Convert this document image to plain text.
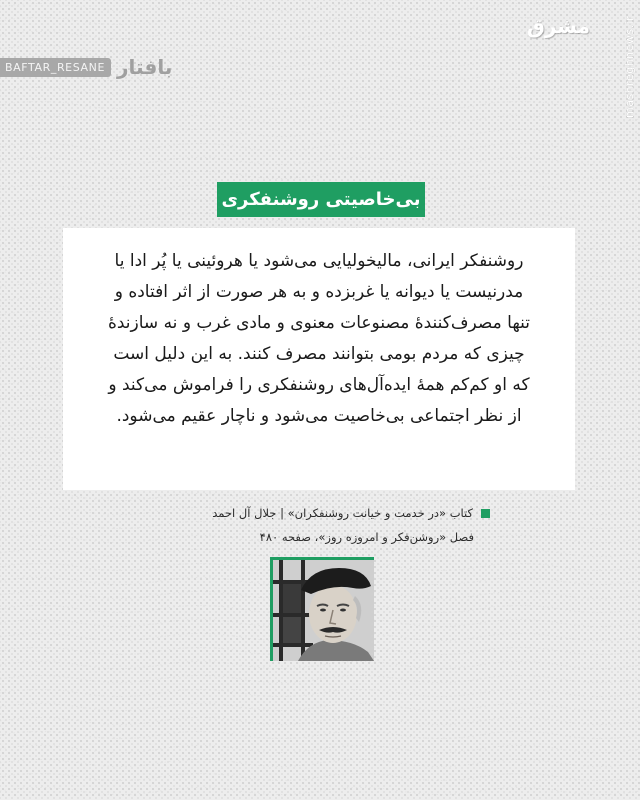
مشرق	mashreghnews.ir
BAFTAR_RESANE بافتار
بی‌خاصیتی روشنفکری

روشنفکر ایرانی، مالیخولیایی می‌شود یا هروئینی یا پُر ادا یا مدرنیست یا دیوانه یا غربزده و به هر صورت از اثر افتاده و تنها مصرف‌کنندهٔ مصنوعات معنوی و مادی غرب و نه سازندهٔ چیزی که مردم بومی بتوانند مصرف کنند. به این دلیل است که او کم‌کم همهٔ ایده‌آل‌های روشنفکری را فراموش می‌کند و از نظر اجتماعی بی‌خاصیت می‌شود و ناچار عقیم می‌شود.

کتاب «در خدمت و خیانت روشنفکران» | جلال آل احمد
فصل «روشن‌فکر و امروزه روز»، صفحه ۴۸۰
